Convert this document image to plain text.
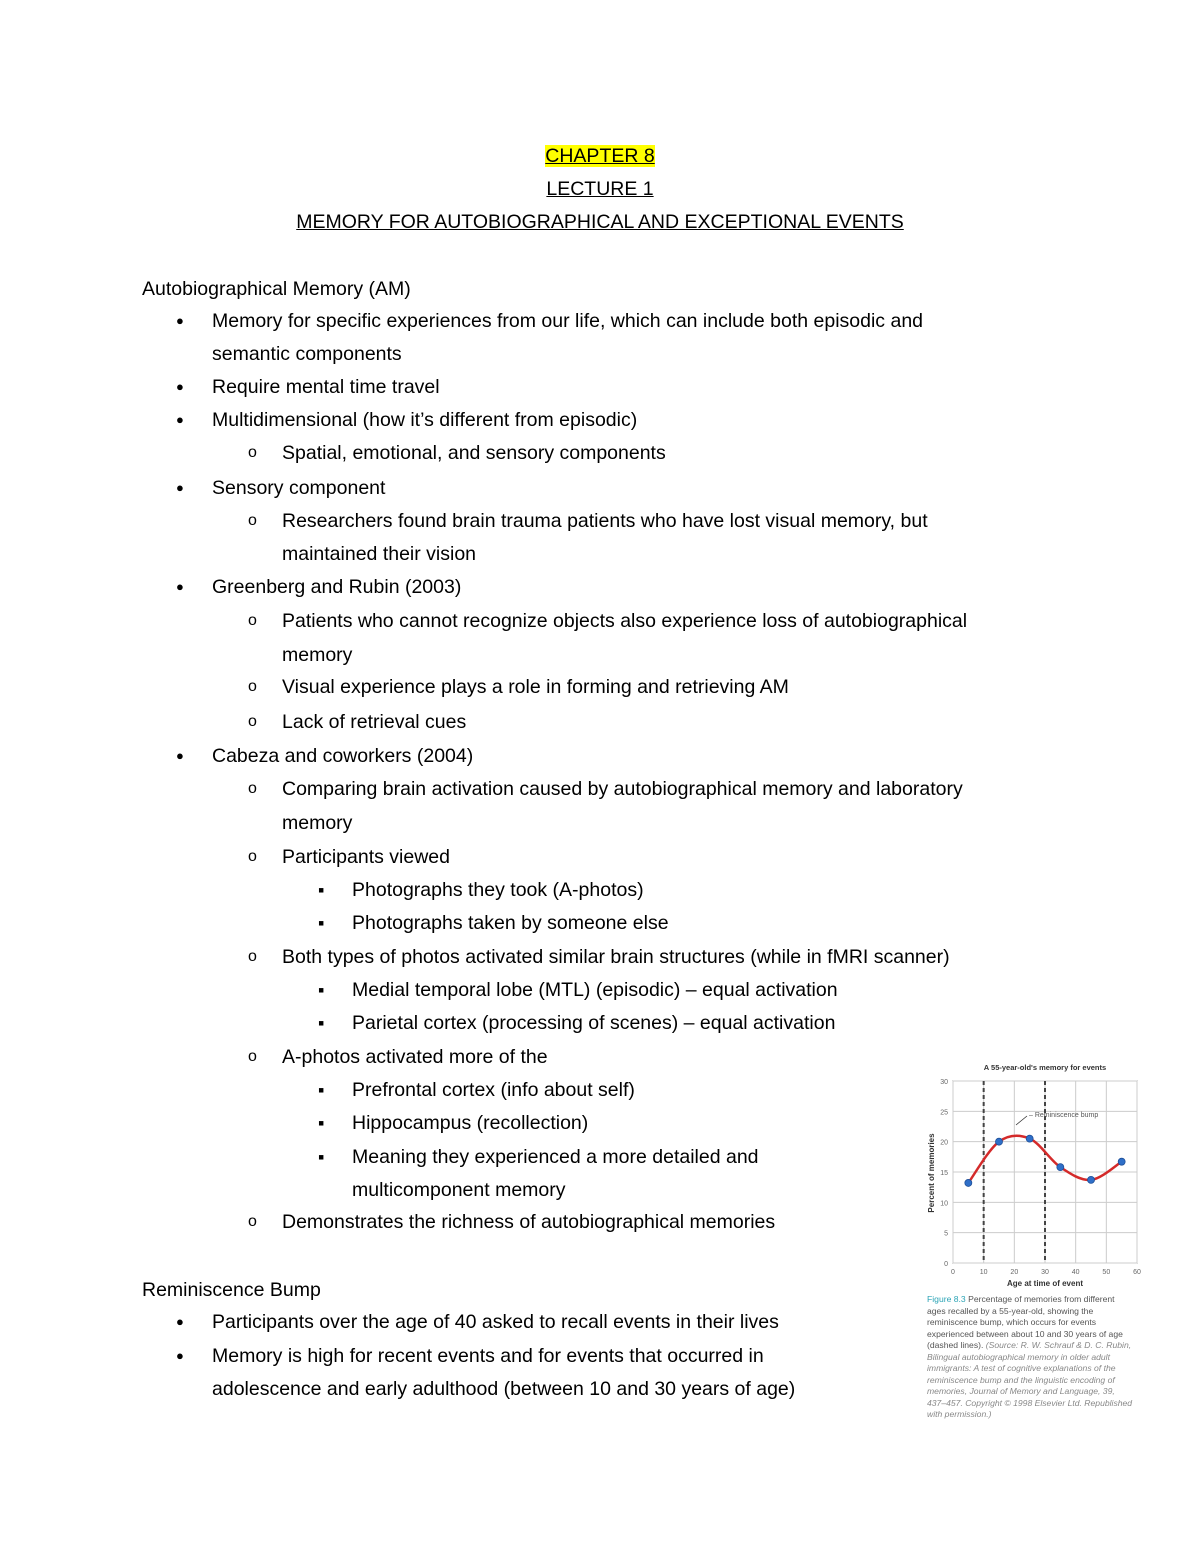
CHAPTER 8
LECTURE 1
MEMORY FOR AUTOBIOGRAPHICAL AND EXCEPTIONAL EVENTS
Autobiographical Memory (AM)
Memory for specific experiences from our life, which can include both episodic and
●
semantic components
Require mental time travel
●
Multidimensional (how it’s different from episodic)
●
Spatial, emotional, and sensory components
o
Sensory component
●
Researchers found brain trauma patients who have lost visual memory, but
o
maintained their vision
Greenberg and Rubin (2003)
●
Patients who cannot recognize objects also experience loss of autobiographical
o
memory
Visual experience plays a role in forming and retrieving AM
o
Lack of retrieval cues
o
Cabeza and coworkers (2004)
●
Comparing brain activation caused by autobiographical memory and laboratory
o
memory
Participants viewed
o
Photographs they took (A-photos)
▪
Photographs taken by someone else
▪
Both types of photos activated similar brain structures (while in fMRI scanner)
o
Medial temporal lobe (MTL) (episodic) – equal activation
▪
Parietal cortex (processing of scenes) – equal activation
▪
A-photos activated more of the
o
Prefrontal cortex (info about self)
▪
Hippocampus (recollection)
▪
Meaning they experienced a more detailed and
▪
multicomponent memory
Demonstrates the richness of autobiographical memories
o
Reminiscence Bump
Participants over the age of 40 asked to recall events in their lives
●
Memory is high for recent events and for events that occurred in
●
adolescence and early adulthood (between 10 and 30 years of age)
0
5
10
15
20
25
30
0	10	20	30	40	50	60
A 55-year-old's memory for events
Age at time of event
Percent of memories
– Reminiscence bump
Figure 8.3 Percentage of memories from different ages recalled by a 55-year-old, showing the reminiscence bump, which occurs for events experienced between about 10 and 30 years of age (dashed lines). (Source: R. W. Schrauf & D. C. Rubin, Bilingual autobiographical memory in older adult immigrants: A test of cognitive explanations of the reminiscence bump and the linguistic encoding of memories, Journal of Memory and Language, 39, 437–457. Copyright © 1998 Elsevier Ltd. Republished with permission.)
